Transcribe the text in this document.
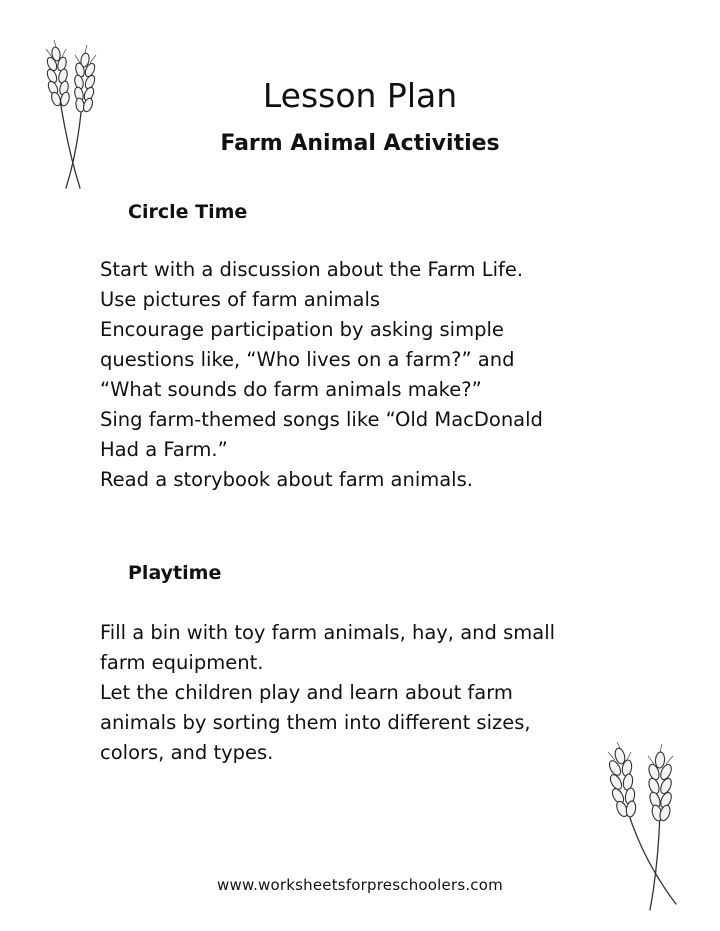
Lesson Plan
Farm Animal Activities
Circle Time
Start with a discussion about the Farm Life.
Use pictures of farm animals
Encourage participation by asking simple
questions like, “Who lives on a farm?” and
“What sounds do farm animals make?”
Sing farm-themed songs like “Old MacDonald
Had a Farm.”
Read a storybook about farm animals.
Playtime
Fill a bin with toy farm animals, hay, and small
farm equipment.
Let the children play and learn about farm
animals by sorting them into different sizes,
colors, and types.
www.worksheetsforpreschoolers.com
